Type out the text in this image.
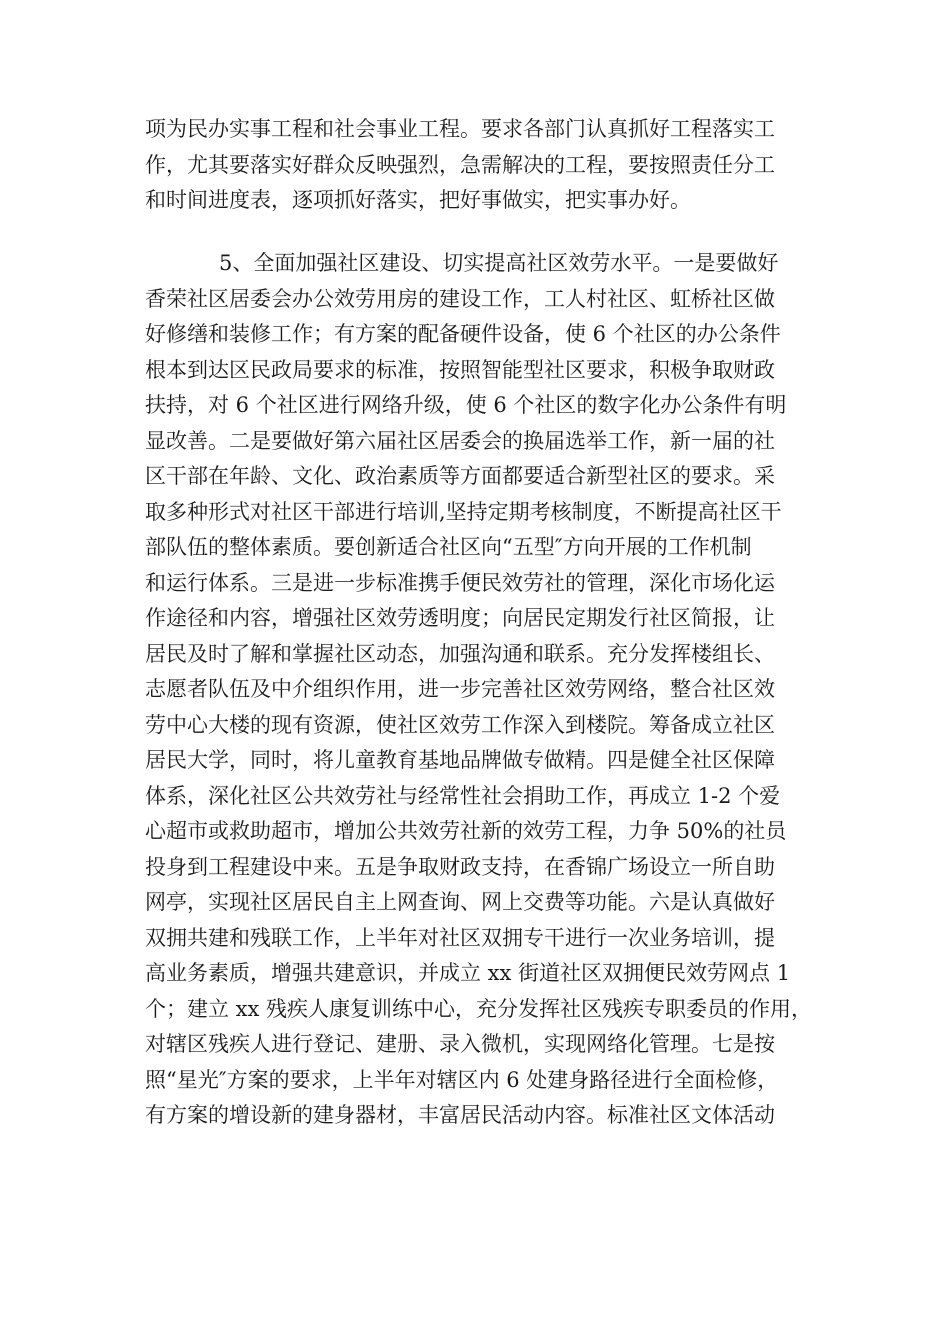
项为民办实事工程和社会事业工程。要求各部门认真抓好工程落实工
作，尤其要落实好群众反映强烈，急需解决的工程，要按照责任分工
和时间进度表，逐项抓好落实，把好事做实，把实事办好。
5、全面加强社区建设、切实提高社区效劳水平。一是要做好
香荣社区居委会办公效劳用房的建设工作，工人村社区、虹桥社区做
好修缮和装修工作；有方案的配备硬件设备，使 6 个社区的办公条件
根本到达区民政局要求的标准，按照智能型社区要求，积极争取财政
扶持，对 6 个社区进行网络升级，使 6 个社区的数字化办公条件有明
显改善。二是要做好第六届社区居委会的换届选举工作，新一届的社
区干部在年龄、文化、政治素质等方面都要适合新型社区的要求。采
取多种形式对社区干部进行培训,坚持定期考核制度，不断提高社区干
部队伍的整体素质。要创新适合社区向“五型″方向开展的工作机制
和运行体系。三是进一步标准携手便民效劳社的管理，深化市场化运
作途径和内容，增强社区效劳透明度；向居民定期发行社区简报，让
居民及时了解和掌握社区动态，加强沟通和联系。充分发挥楼组长、
志愿者队伍及中介组织作用，进一步完善社区效劳网络，整合社区效
劳中心大楼的现有资源，使社区效劳工作深入到楼院。筹备成立社区
居民大学，同时，将儿童教育基地品牌做专做精。四是健全社区保障
体系，深化社区公共效劳社与经常性社会捐助工作，再成立 1-2 个爱
心超市或救助超市，增加公共效劳社新的效劳工程，力争 50%的社员
投身到工程建设中来。五是争取财政支持，在香锦广场设立一所自助
网亭，实现社区居民自主上网查询、网上交费等功能。六是认真做好
双拥共建和残联工作，上半年对社区双拥专干进行一次业务培训，提
高业务素质，增强共建意识，并成立 xx 街道社区双拥便民效劳网点 1
个；建立 xx 残疾人康复训练中心，充分发挥社区残疾专职委员的作用，
对辖区残疾人进行登记、建册、录入微机，实现网络化管理。七是按
照“星光″方案的要求，上半年对辖区内 6 处建身路径进行全面检修，
有方案的增设新的建身器材，丰富居民活动内容。标准社区文体活动
